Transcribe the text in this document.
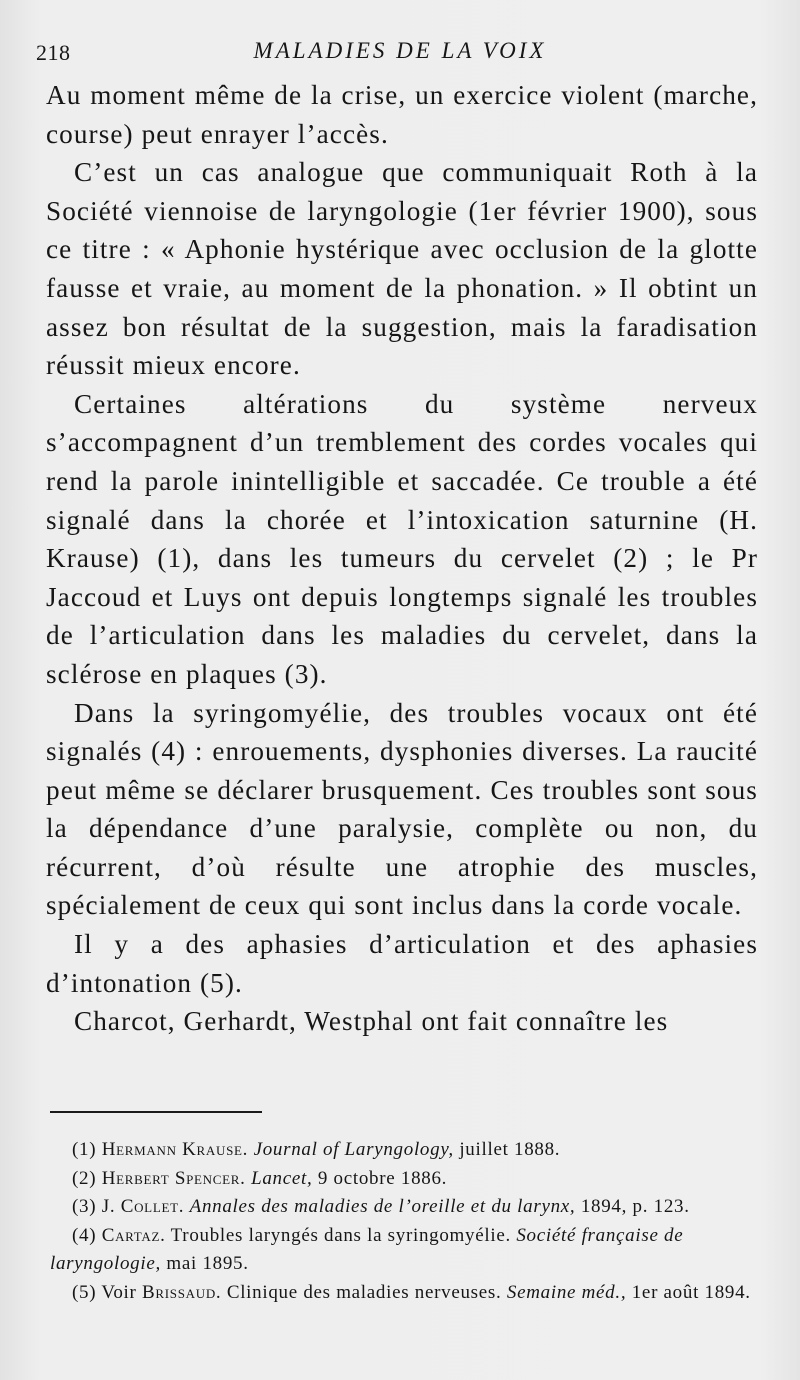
218	MALADIES DE LA VOIX

Au moment même de la crise, un exercice violent (marche, course) peut enrayer l’accès.

C’est un cas analogue que communiquait Roth à la Société viennoise de laryngologie (1er février 1900), sous ce titre : « Aphonie hystérique avec occlusion de la glotte fausse et vraie, au moment de la phonation. » Il obtint un assez bon résultat de la suggestion, mais la faradisation réussit mieux encore.

Certaines altérations du système nerveux s’accompagnent d’un tremblement des cordes vocales qui rend la parole inintelligible et saccadée. Ce trouble a été signalé dans la chorée et l’intoxication saturnine (H. Krause) (1), dans les tumeurs du cervelet (2) ; le Pr Jaccoud et Luys ont depuis longtemps signalé les troubles de l’articulation dans les maladies du cervelet, dans la sclérose en plaques (3).

Dans la syringomyélie, des troubles vocaux ont été signalés (4) : enrouements, dysphonies diverses. La raucité peut même se déclarer brusquement. Ces troubles sont sous la dépendance d’une paralysie, complète ou non, du récurrent, d’où résulte une atrophie des muscles, spécialement de ceux qui sont inclus dans la corde vocale.

Il y a des aphasies d’articulation et des aphasies d’intonation (5).

Charcot, Gerhardt, Westphal ont fait connaître les

(1) Hermann Krause. Journal of Laryngology, juillet 1888.

(2) Herbert Spencer. Lancet, 9 octobre 1886.

(3) J. Collet. Annales des maladies de l’oreille et du larynx, 1894, p. 123.

(4) Cartaz. Troubles laryngés dans la syringomyélie. Société française de laryngologie, mai 1895.

(5) Voir Brissaud. Clinique des maladies nerveuses. Semaine méd., 1er août 1894.
